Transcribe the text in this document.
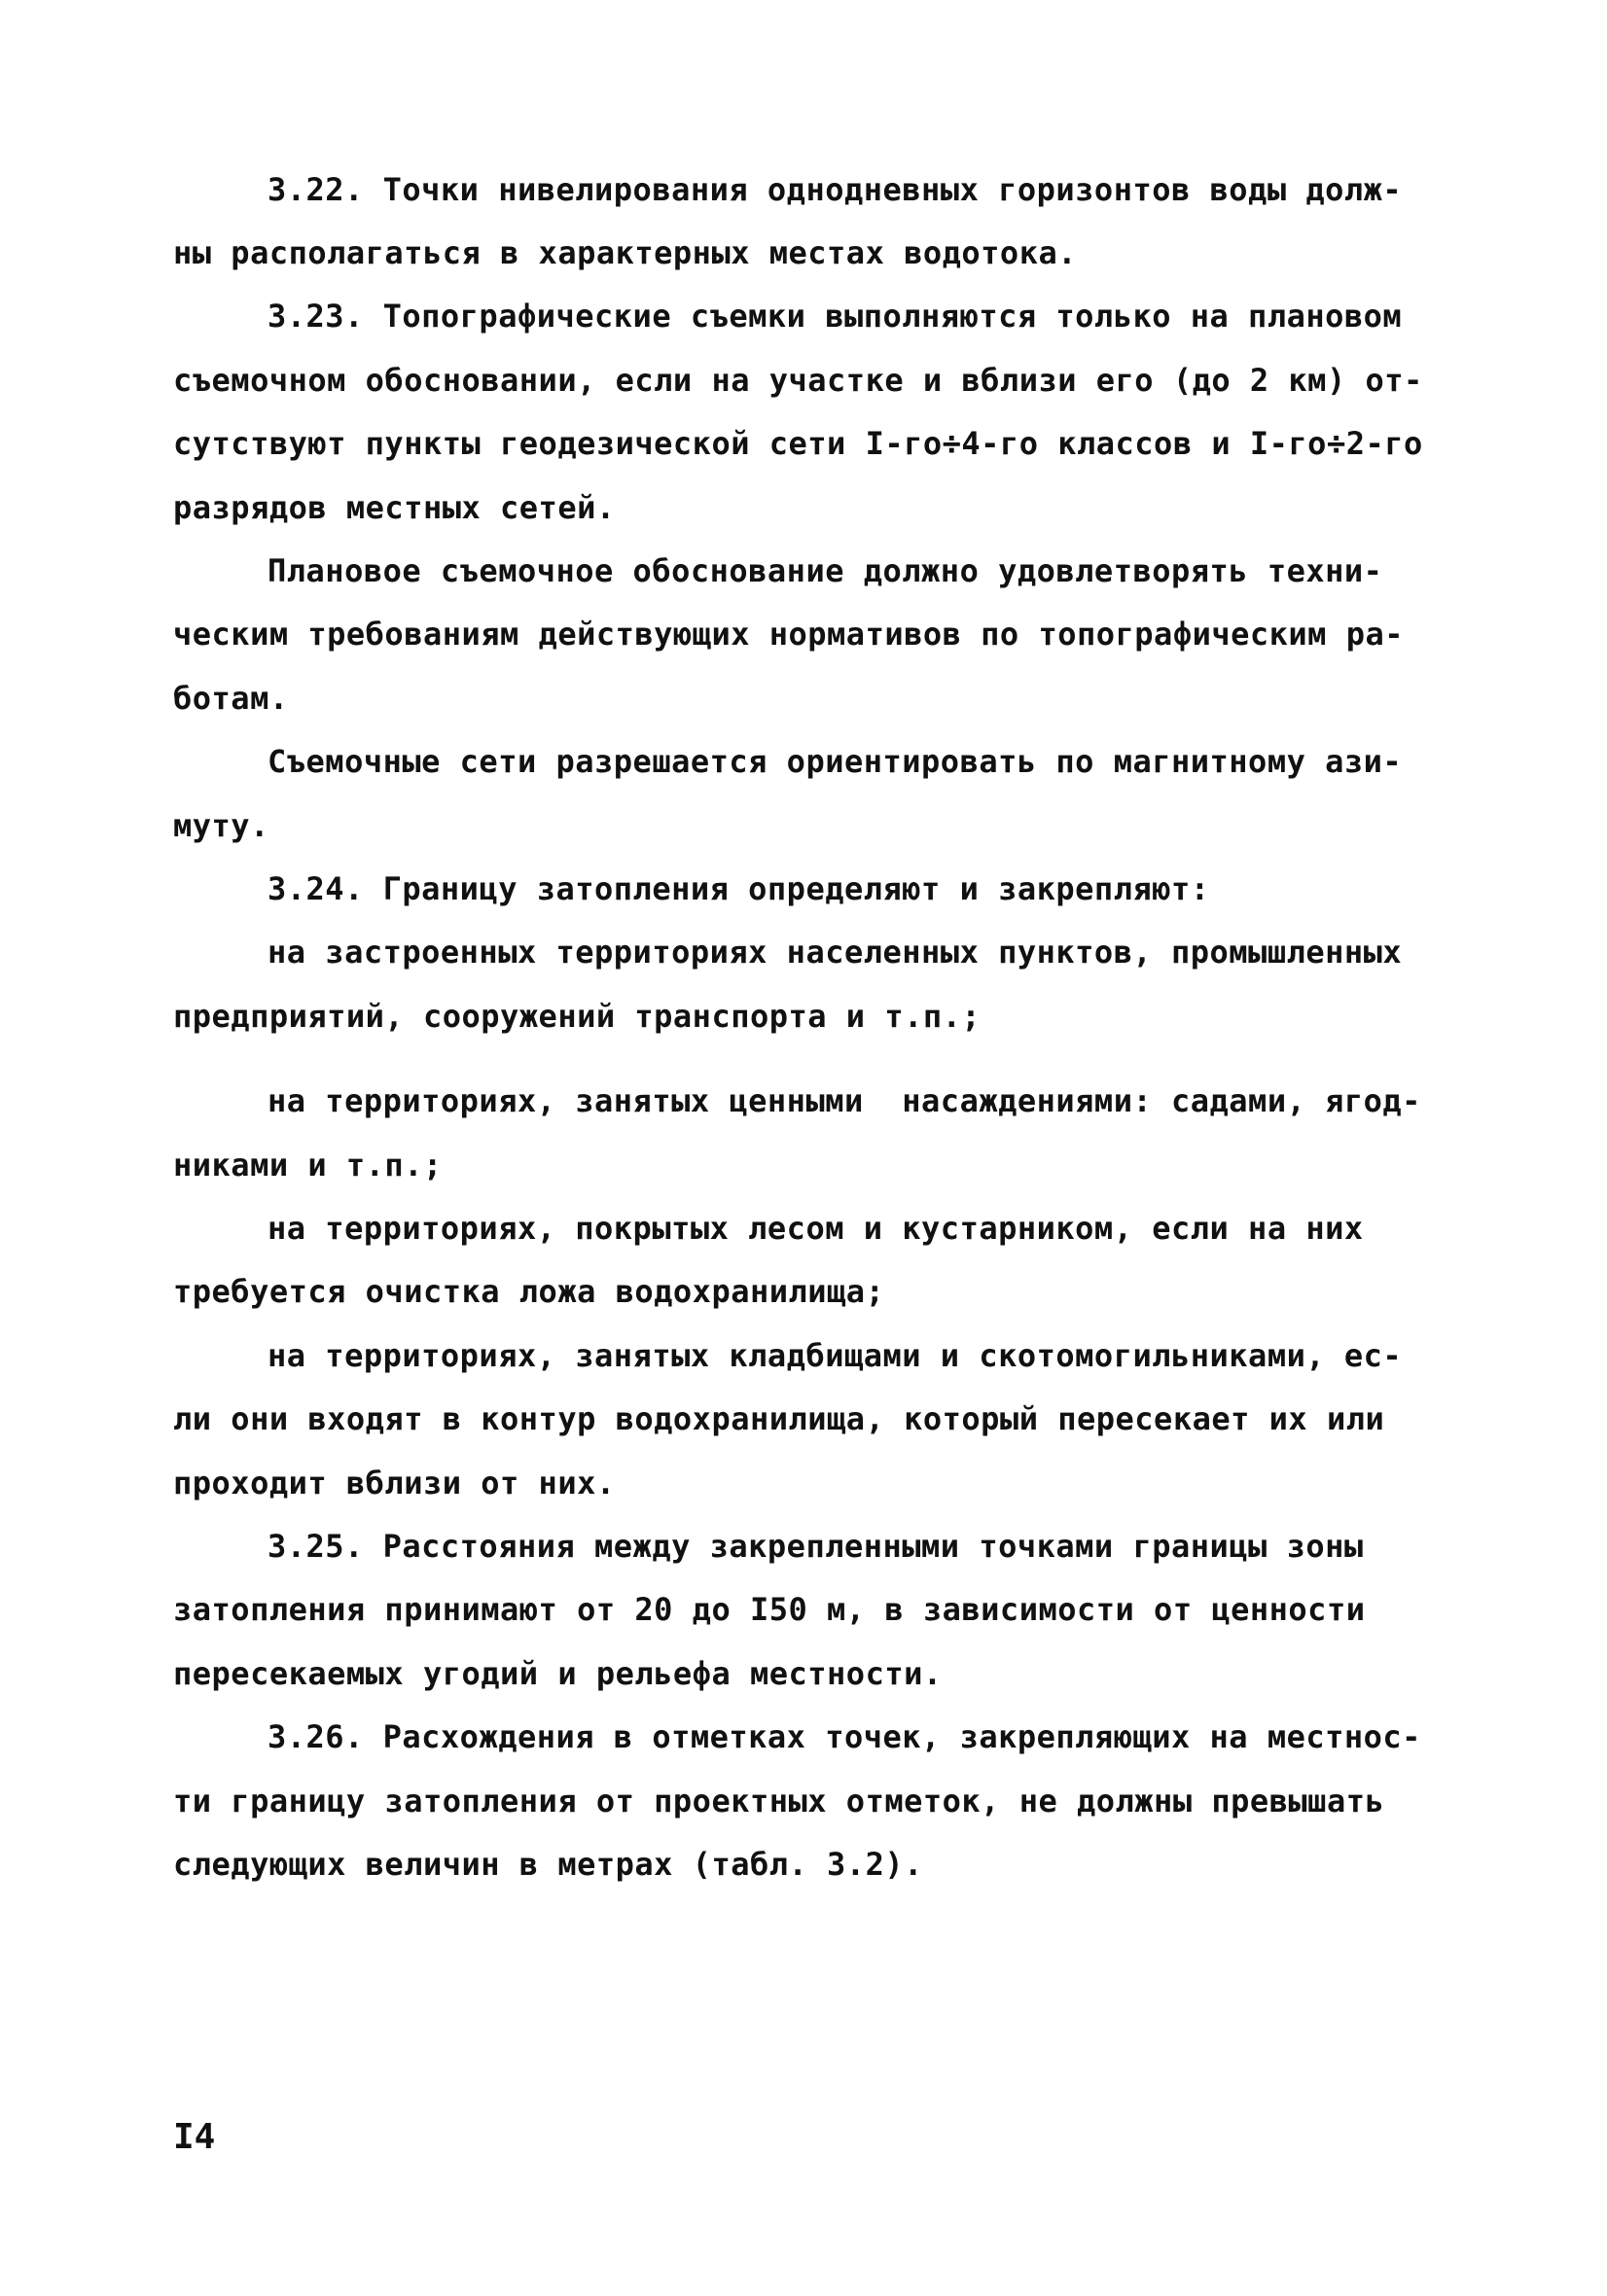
3.22. Точки нивелирования однодневных горизонтов воды долж-

ны располагаться в характерных местах водотока.

3.23. Топографические съемки выполняются только на плановом

съемочном обосновании, если на участке и вблизи его (до 2 км) от-

сутствуют пункты геодезической сети I-го÷4-го классов и I-го÷2-го

разрядов местных сетей.

Плановое съемочное обоснование должно удовлетворять техни-

ческим требованиям действующих нормативов по топографическим ра-

ботам.

Съемочные сети разрешается ориентировать по магнитному ази-

муту.

3.24. Границу затопления определяют и закрепляют:

на застроенных территориях населенных пунктов, промышленных

предприятий, сооружений транспорта и т.п.;

на территориях, занятых ценными  насаждениями: садами, ягод-

никами и т.п.;

на территориях, покрытых лесом и кустарником, если на них

требуется очистка ложа водохранилища;

на территориях, занятых кладбищами и скотомогильниками, ес-

ли они входят в контур водохранилища, который пересекает их или

проходит вблизи от них.

3.25. Расстояния между закрепленными точками границы зоны

затопления принимают от 20 до I50 м, в зависимости от ценности

пересекаемых угодий и рельефа местности.

3.26. Расхождения в отметках точек, закрепляющих на местнос-

ти границу затопления от проектных отметок, не должны превышать

следующих величин в метрах (табл. 3.2).

I4
